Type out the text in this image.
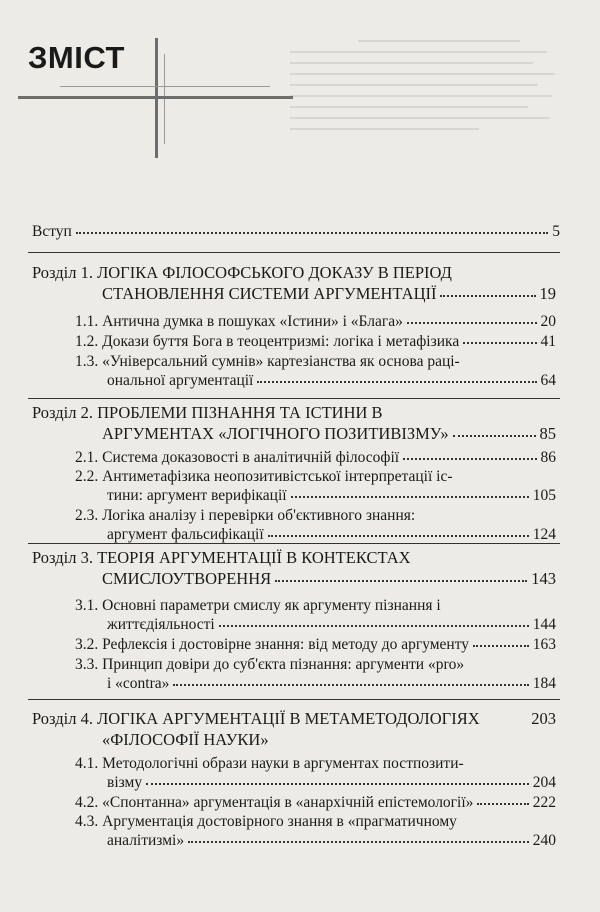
ЗМІСТ
Вступ	5
Розділ 1. ЛОГІКА ФІЛОСОФСЬКОГО ДОКАЗУ В ПЕРІОД
СТАНОВЛЕННЯ СИСТЕМИ АРГУМЕНТАЦІЇ	19
1.1. Антична думка в пошуках «Істини» і «Блага»	20
1.2. Докази буття Бога в теоцентризмі: логіка і метафізика	41
1.3. «Універсальний сумнів» картезіанства як основа раці-
ональної аргументації	64
Розділ 2. ПРОБЛЕМИ ПІЗНАННЯ ТА ІСТИНИ В
АРГУМЕНТАХ «ЛОГІЧНОГО ПОЗИТИВІЗМУ»	85
2.1. Система доказовості в аналітичній філософії	86
2.2. Антиметафізика неопозитивістської інтерпретації іс-
тини: аргумент верифікації	105
2.3. Логіка аналізу і перевірки об'єктивного знання:
аргумент фальсифікації	124
Розділ 3. ТЕОРІЯ АРГУМЕНТАЦІЇ В КОНТЕКСТАХ
СМИСЛОУТВОРЕННЯ	143
3.1. Основні параметри смислу як аргументу пізнання і
життєдіяльності	144
3.2. Рефлексія і достовірне знання: від методу до аргументу	163
3.3. Принцип довіри до суб'єкта пізнання: аргументи «pro»
і «contra»	184
Розділ 4. ЛОГІКА АРГУМЕНТАЦІЇ В МЕТАМЕТОДОЛОГІЯХ	203
«ФІЛОСОФІЇ НАУКИ»
4.1. Методологічні образи науки в аргументах постпозити-
візму	204
4.2. «Спонтанна» аргументація в «анархічній епістемології»	222
4.3. Аргументація достовірного знання в «прагматичному
аналітизмі»	240
